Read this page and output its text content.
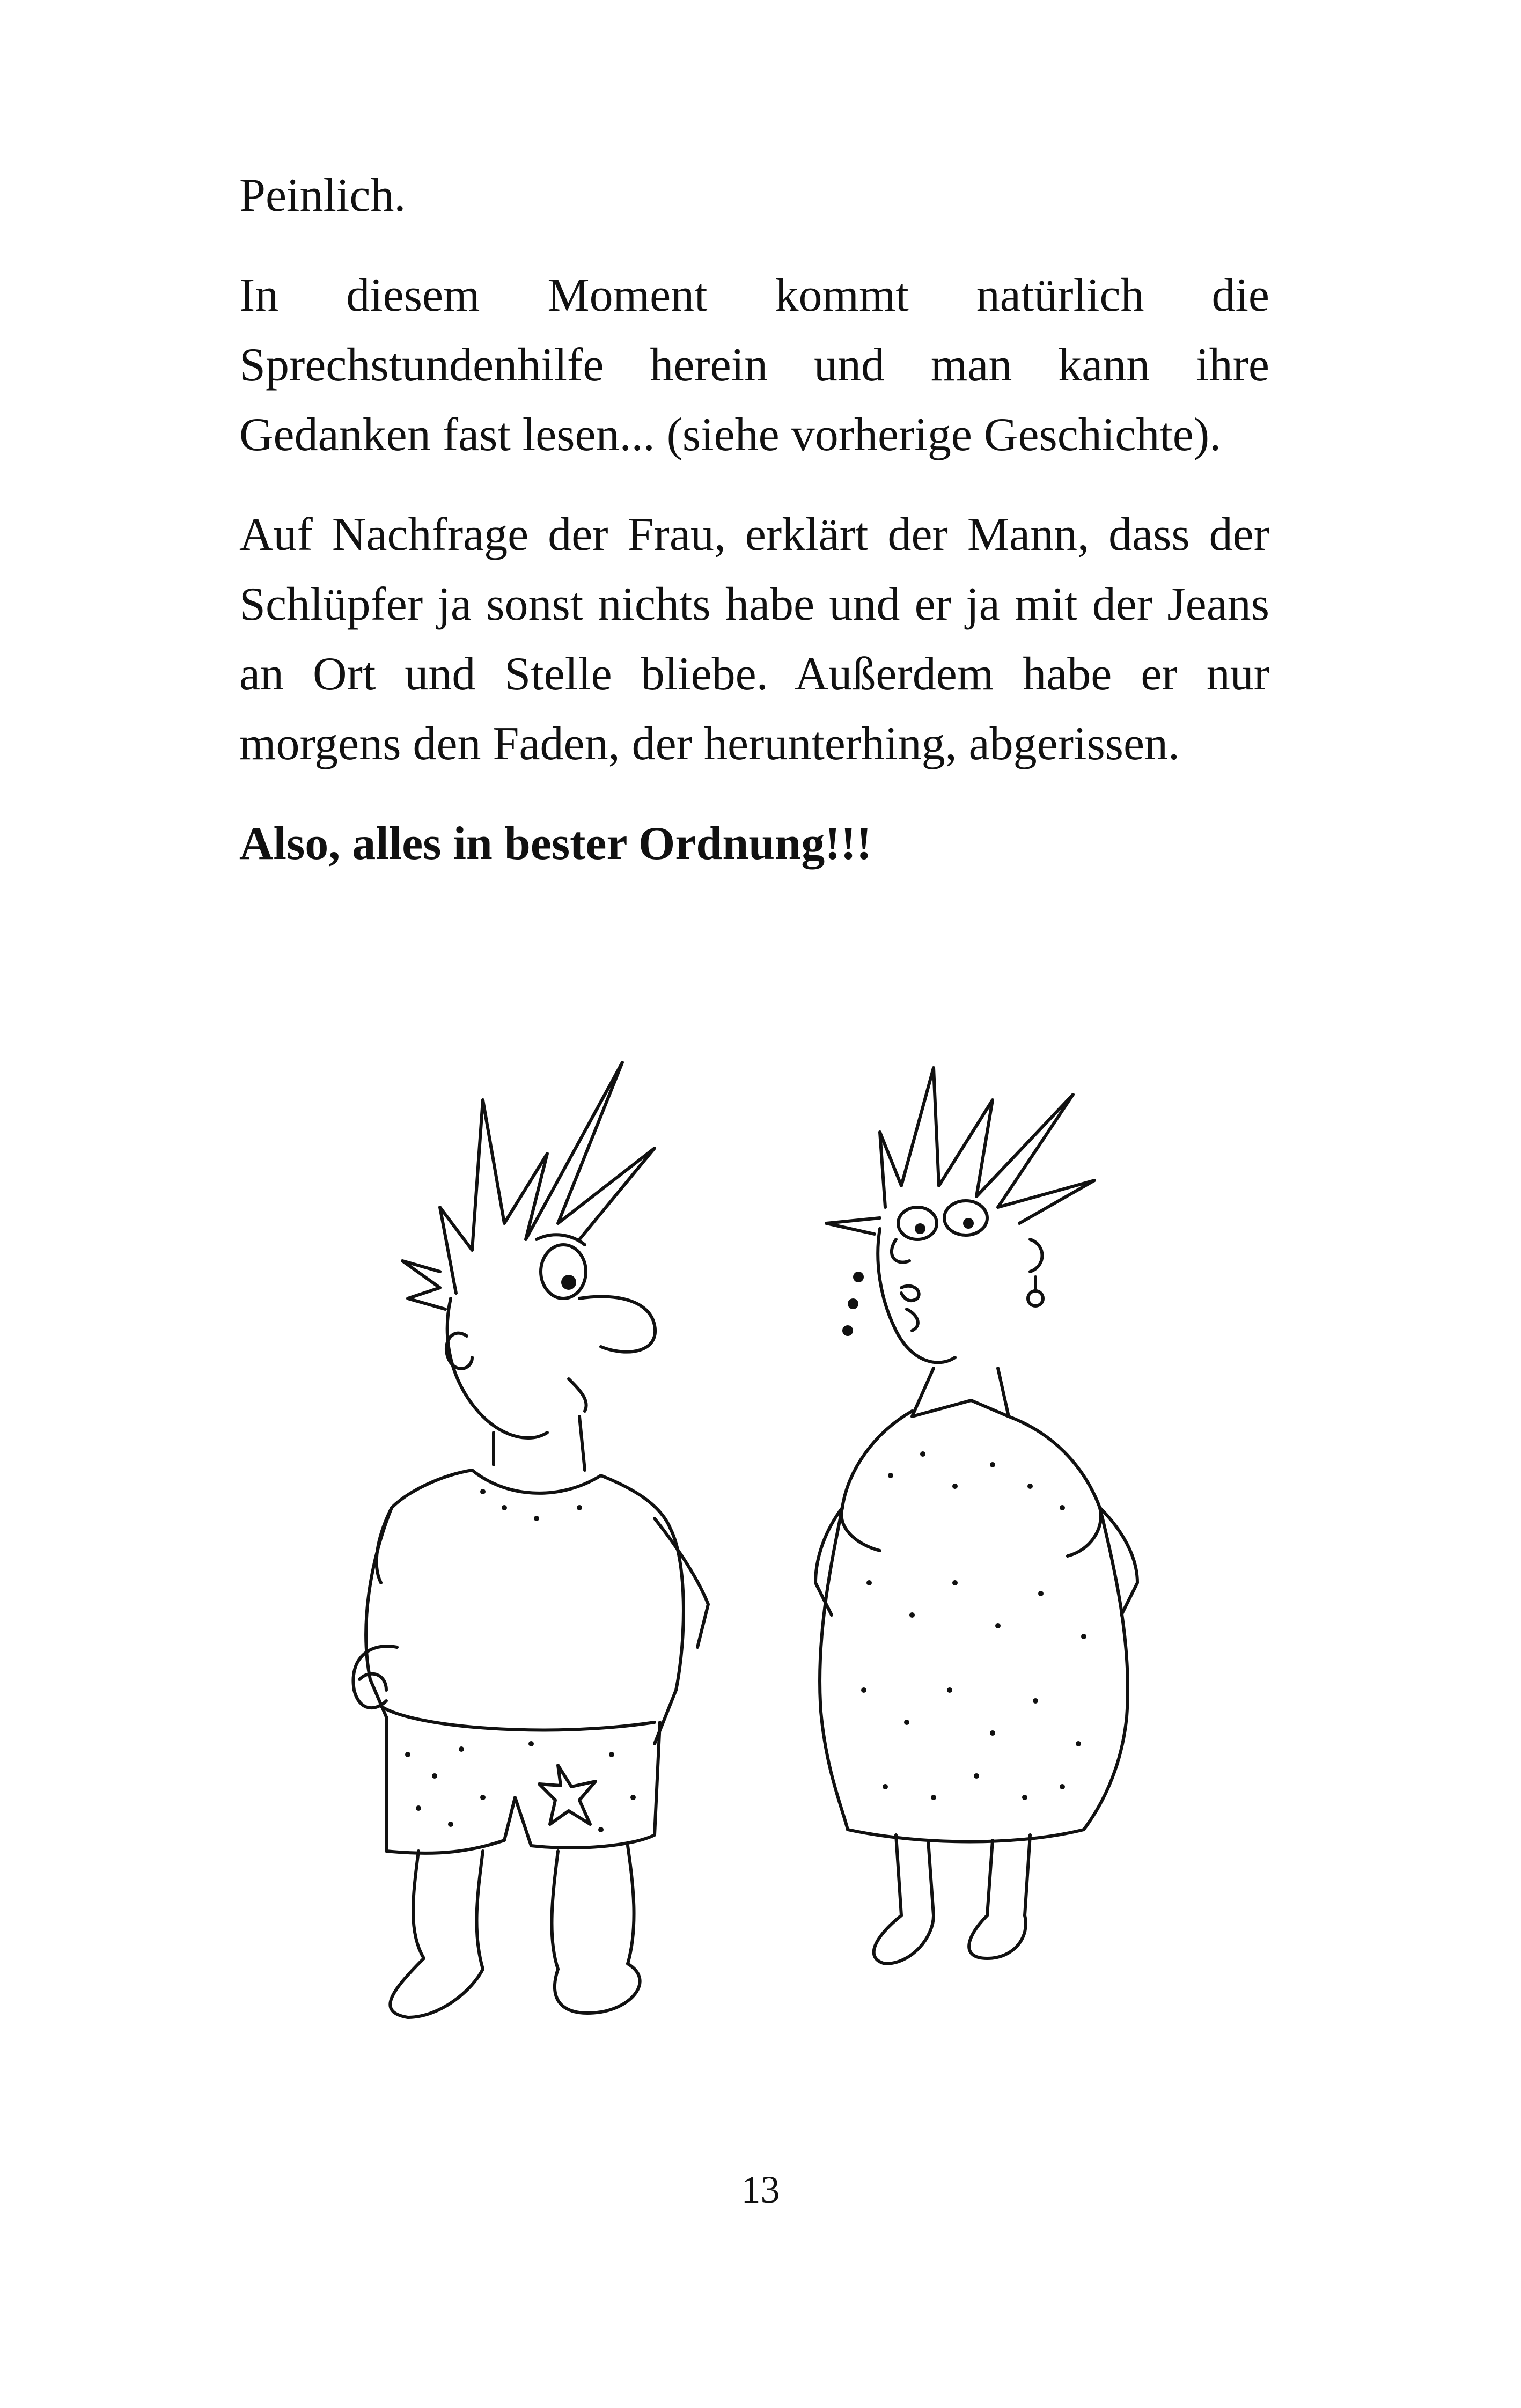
Peinlich.

In diesem Moment kommt natürlich die Sprechstundenhilfe herein und man kann ihre Gedanken fast lesen... (siehe vorherige Geschichte).

Auf Nachfrage der Frau, erklärt der Mann, dass der Schlüpfer ja sonst nichts habe und er ja mit der Jeans an Ort und Stelle bliebe. Außerdem habe er nur morgens den Faden, der herunterhing, abgerissen.

Also, alles in bester Ordnung!!!

13
